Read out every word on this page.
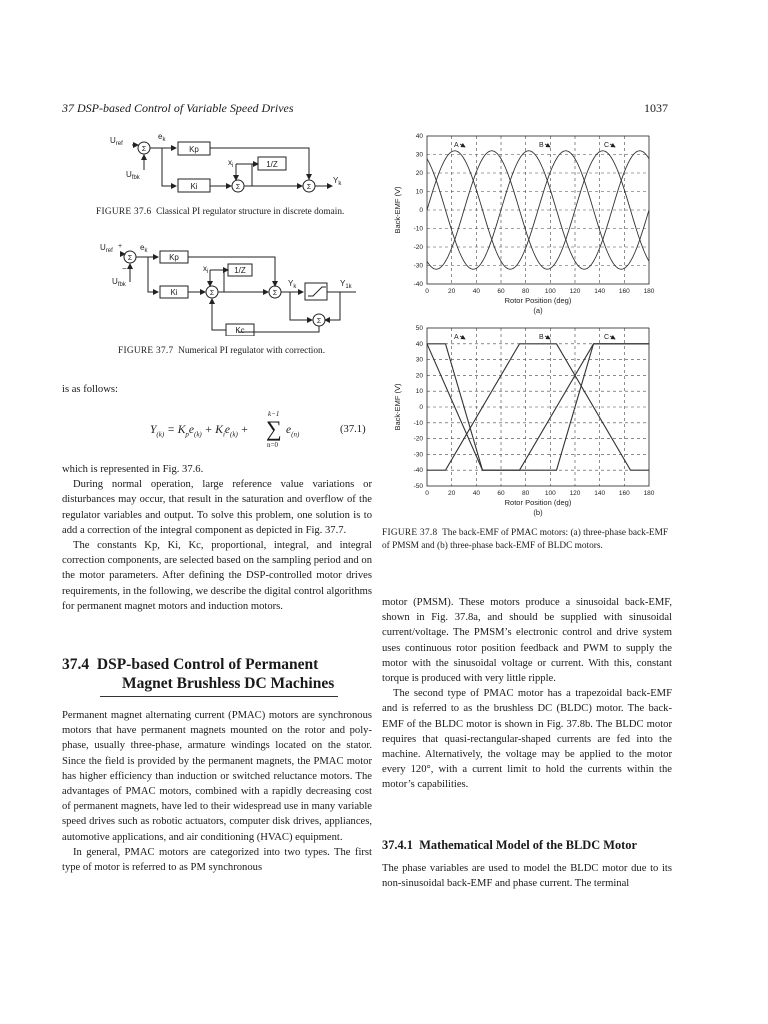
37 DSP-based Control of Variable Speed Drives	1037
Σ
Σ	Σ
Kp
Ki
1/Z
$U_{ref}$
$U_{fbk}$
$e_k$
$x_i$
$Y_k$
FIGURE 37.6 Classical PI regulator structure in discrete domain.
Σ
Σ	Σ
Σ
Kp
Ki
1/Z
Kc
$U_{ref}$
+
−
$U_{fbk}$
$e_k$
$x_i$
$Y_k$	$Y_{1k}$
FIGURE 37.7 Numerical PI regulator with correction.
is as follows:
$Y_{(k)} = K_pe_{(k)} + K_ie_{(k)}$ +
k−1
∑
n=0
$e_{(n)}$	(37.1)

which is represented in Fig. 37.6.

During normal operation, large reference value variations or disturbances may occur, that result in the saturation and overflow of the regulator variables and output. To solve this problem, one solution is to add a correction of the integral component as depicted in Fig. 37.7.

The constants Kp, Ki, Kc, proportional, integral, and integral correction components, are selected based on the sampling period and on the motor parameters. After defining the DSP-controlled motor drives requirements, in the following, we describe the digital control algorithms for permanent magnet motors and induction motors.

37.4 DSP-based Control of Permanent
Magnet Brushless DC Machines

Permanent magnet alternating current (PMAC) motors are synchronous motors that have permanent magnets mounted on the rotor and poly-phase, usually three-phase, armature windings located on the stator. Since the field is provided by the permanent magnets, the PMAC motor has higher efficiency than induction or switched reluctance motors. The advantages of PMAC motors, combined with a rapidly decreasing cost of permanent magnets, have led to their widespread use in many variable speed drives such as robotic actuators, computer disk drives, appliances, automotive applications, and air conditioning (HVAC) equipment.

In general, PMAC motors are categorized into two types. The first type of motor is referred to as PM synchronous

0	20	40	60	80 100 120 140 160 180
40
30
20
10
0
-10
-20
-30
-40
A	B	C
Rotor Position (deg)
(a)
Back-EMF (V)
0	20	40	60	80 100 120 140 160 180
50
40
30
20
10
0
-10
-20
-30
-40
-50
A	B	C
Rotor Position (deg)
(b)
Back-EMF (V)
FIGURE 37.8 The back-EMF of PMAC motors: (a) three-phase back-EMF of PMSM and (b) three-phase back-EMF of BLDC motors.

motor (PMSM). These motors produce a sinusoidal back-EMF, shown in Fig. 37.8a, and should be supplied with sinusoidal current/voltage. The PMSM’s electronic control and drive system uses continuous rotor position feedback and PWM to supply the motor with the sinusoidal voltage or current. With this, constant torque is produced with very little ripple.

The second type of PMAC motor has a trapezoidal back-EMF and is referred to as the brushless DC (BLDC) motor. The back-EMF of the BLDC motor is shown in Fig. 37.8b. The BLDC motor requires that quasi-rectangular-shaped currents are fed into the machine. Alternatively, the voltage may be applied to the motor every 120°, with a current limit to hold the currents within the motor’s capabilities.

37.4.1 Mathematical Model of the BLDC Motor

The phase variables are used to model the BLDC motor due to its non-sinusoidal back-EMF and phase current. The terminal
